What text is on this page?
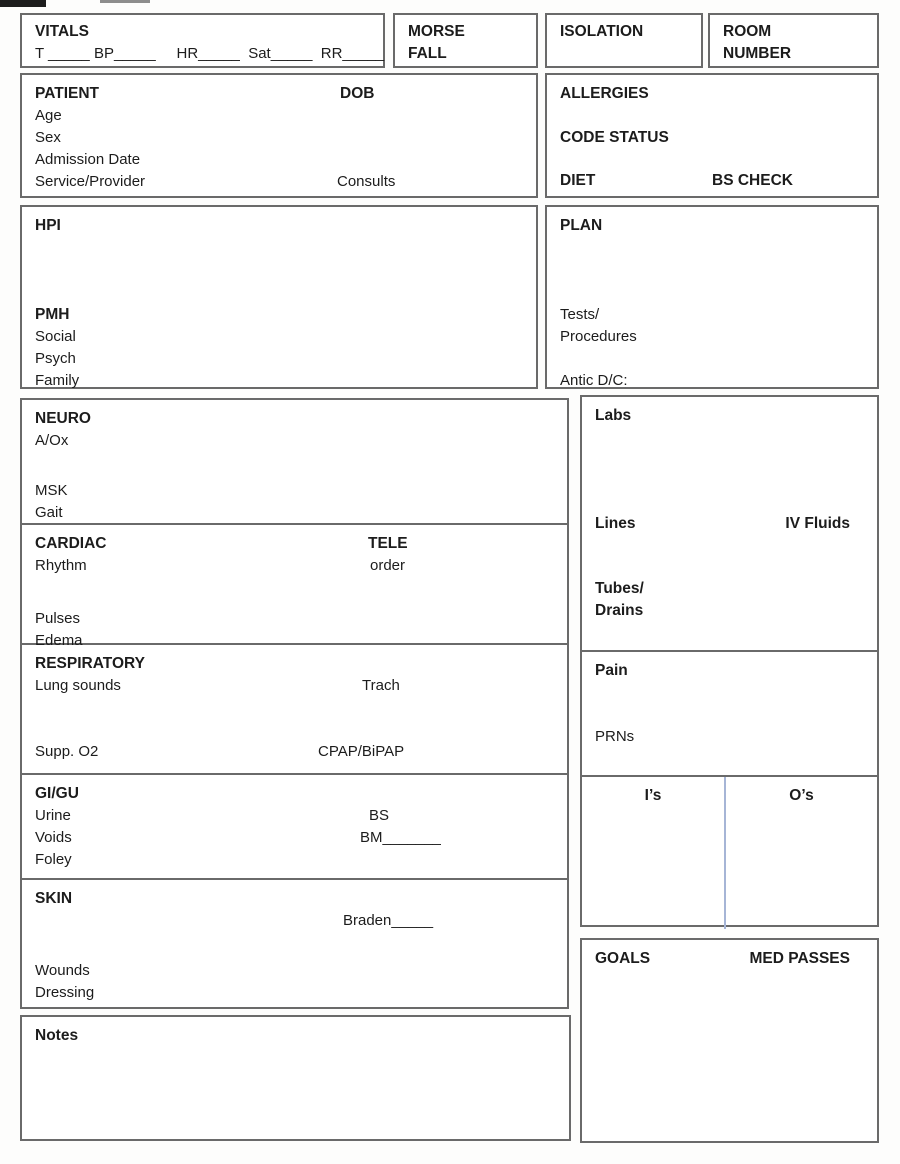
VITALS
T _____ BP_____     HR_____  Sat_____  RR_____
MORSE
FALL
ISOLATION	ROOM
NUMBER
PATIENT	DOB
Age
Sex
Admission Date
Service/Provider	Consults
ALLERGIES
CODE STATUS
DIET	BS CHECK
HPI
PMH
Social
Psych
Family
PLAN
Tests/
Procedures
Antic D/C:
NEURO
A/Ox
MSK
Gait
CARDIAC	TELE
Rhythm	order
Pulses
Edema
RESPIRATORY
Lung sounds	Trach
Supp. O2	CPAP/BiPAP
GI/GU
Urine	BS
Voids	BM_______
Foley
SKIN
Braden_____
Wounds
Dressing
Notes
Labs
Lines	IV Fluids
Tubes/
Drains
Pain
PRNs
I’s	O’s
GOALS	MED PASSES
